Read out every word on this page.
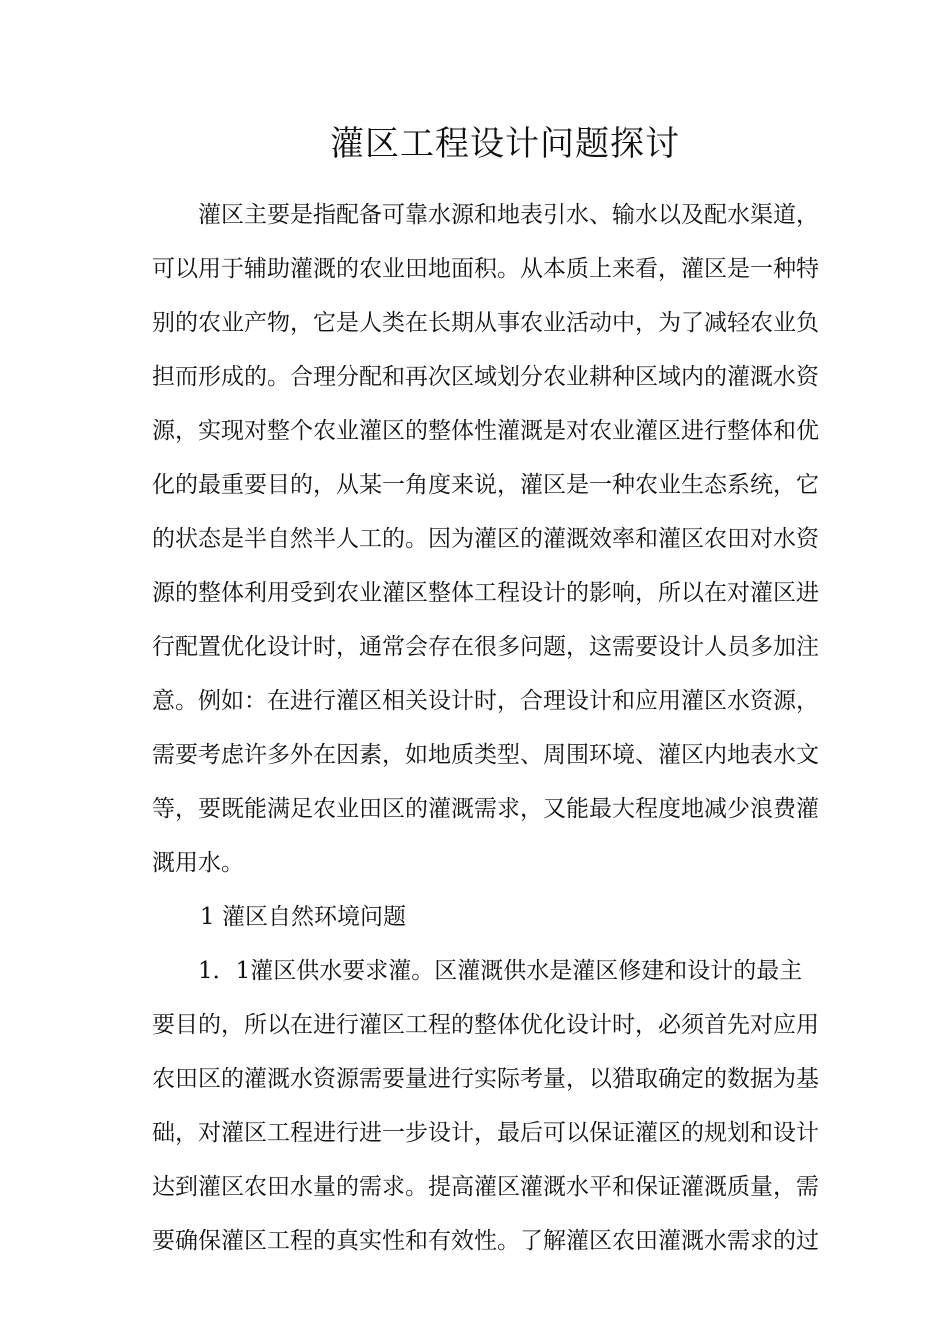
灌区工程设计问题探讨
灌区主要是指配备可靠水源和地表引水、输水以及配水渠道，
可以用于辅助灌溉的农业田地面积。从本质上来看，灌区是一种特
别的农业产物，它是人类在长期从事农业活动中，为了减轻农业负
担而形成的。合理分配和再次区域划分农业耕种区域内的灌溉水资
源，实现对整个农业灌区的整体性灌溉是对农业灌区进行整体和优
化的最重要目的，从某一角度来说，灌区是一种农业生态系统，它
的状态是半自然半人工的。因为灌区的灌溉效率和灌区农田对水资
源的整体利用受到农业灌区整体工程设计的影响，所以在对灌区进
行配置优化设计时，通常会存在很多问题，这需要设计人员多加注
意。例如：在进行灌区相关设计时，合理设计和应用灌区水资源，
需要考虑许多外在因素，如地质类型、周围环境、灌区内地表水文
等，要既能满足农业田区的灌溉需求，又能最大程度地减少浪费灌
溉用水。
1 灌区自然环境问题
1．1灌区供水要求灌。区灌溉供水是灌区修建和设计的最主
要目的，所以在进行灌区工程的整体优化设计时，必须首先对应用
农田区的灌溉水资源需要量进行实际考量，以猎取确定的数据为基
础，对灌区工程进行进一步设计，最后可以保证灌区的规划和设计
达到灌区农田水量的需求。提高灌区灌溉水平和保证灌溉质量，需
要确保灌区工程的真实性和有效性。了解灌区农田灌溉水需求的过
